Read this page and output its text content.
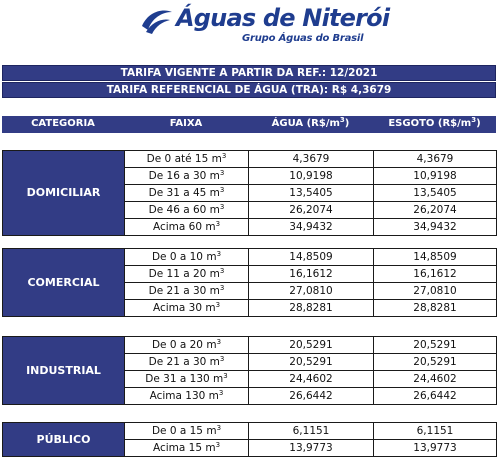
Águas de Niterói
Grupo Águas do Brasil
TARIFA VIGENTE A PARTIR DA REF.: 12/2021
TARIFA REFERENCIAL DE ÁGUA (TRA): R$ 4,3679
CATEGORIA	FAIXA	ÁGUA $(R\$/m^3)$	ESGOTO $(R\$/m^3)$
DOMICILIAR	De 0 até 15 $m^3$	4,3679	4,3679
	De 16 a 30 $m^3$	10,9198	10,9198
	De 31 a 45 $m^3$	13,5405	13,5405
	De 46 a 60 $m^3$	26,2074	26,2074
	Acima 60 $m^3$	34,9432	34,9432
COMERCIAL	De 0 a 10 $m^3$	14,8509	14,8509
	De 11 a 20 $m^3$	16,1612	16,1612
	De 21 a 30 $m^3$	27,0810	27,0810
	Acima 30 $m^3$	28,8281	28,8281
INDUSTRIAL	De 0 a 20 $m^3$	20,5291	20,5291
	De 21 a 30 $m^3$	20,5291	20,5291
	De 31 a 130 $m^3$	24,4602	24,4602
	Acima 130 $m^3$	26,6442	26,6442
PÚBLICO	De 0 a 15 $m^3$	6,1151	6,1151
	Acima 15 $m^3$	13,9773	13,9773
